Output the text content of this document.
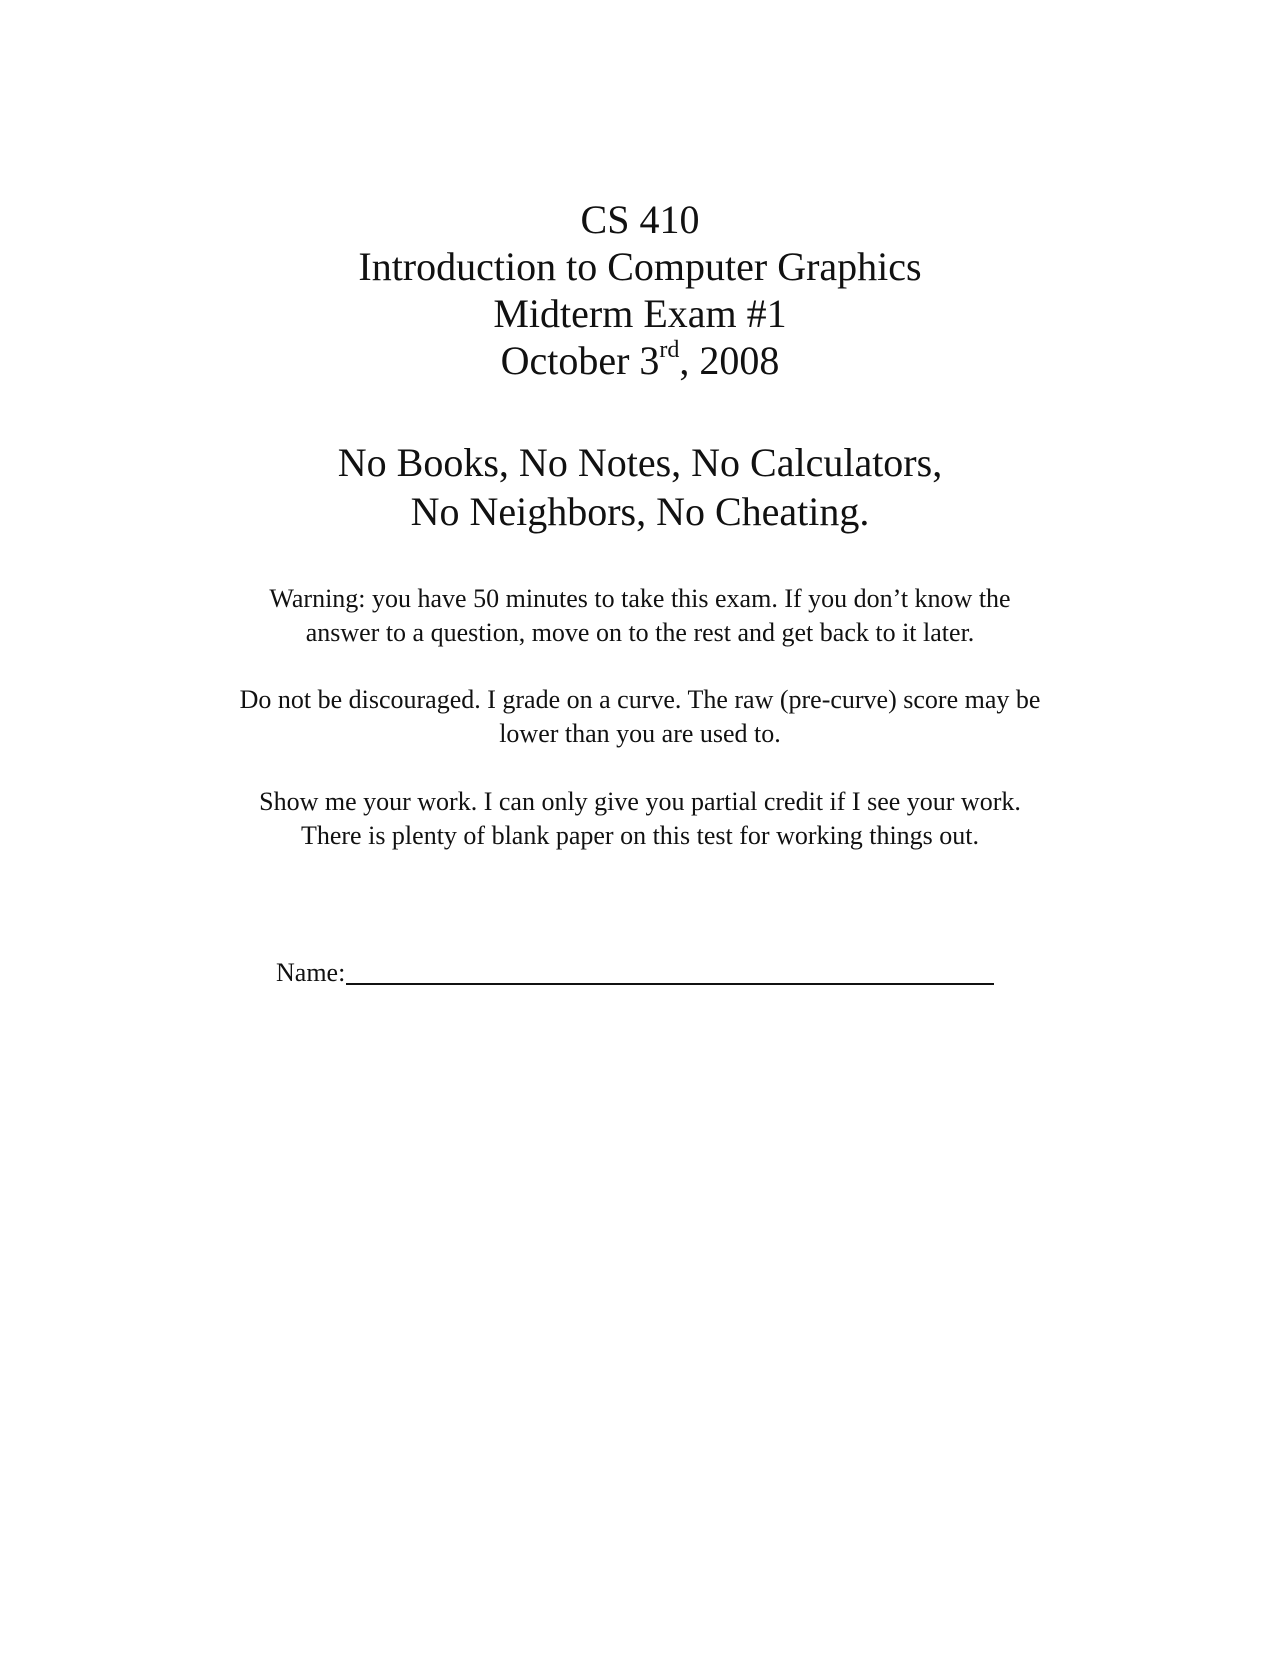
CS 410
Introduction to Computer Graphics
Midterm Exam #1
October 3rd, 2008
No Books, No Notes, No Calculators,
No Neighbors, No Cheating.
Warning: you have 50 minutes to take this exam. If you don’t know the
answer to a question, move on to the rest and get back to it later.
Do not be discouraged. I grade on a curve. The raw (pre-curve) score may be
lower than you are used to.
Show me your work. I can only give you partial credit if I see your work.
There is plenty of blank paper on this test for working things out.
Name:
